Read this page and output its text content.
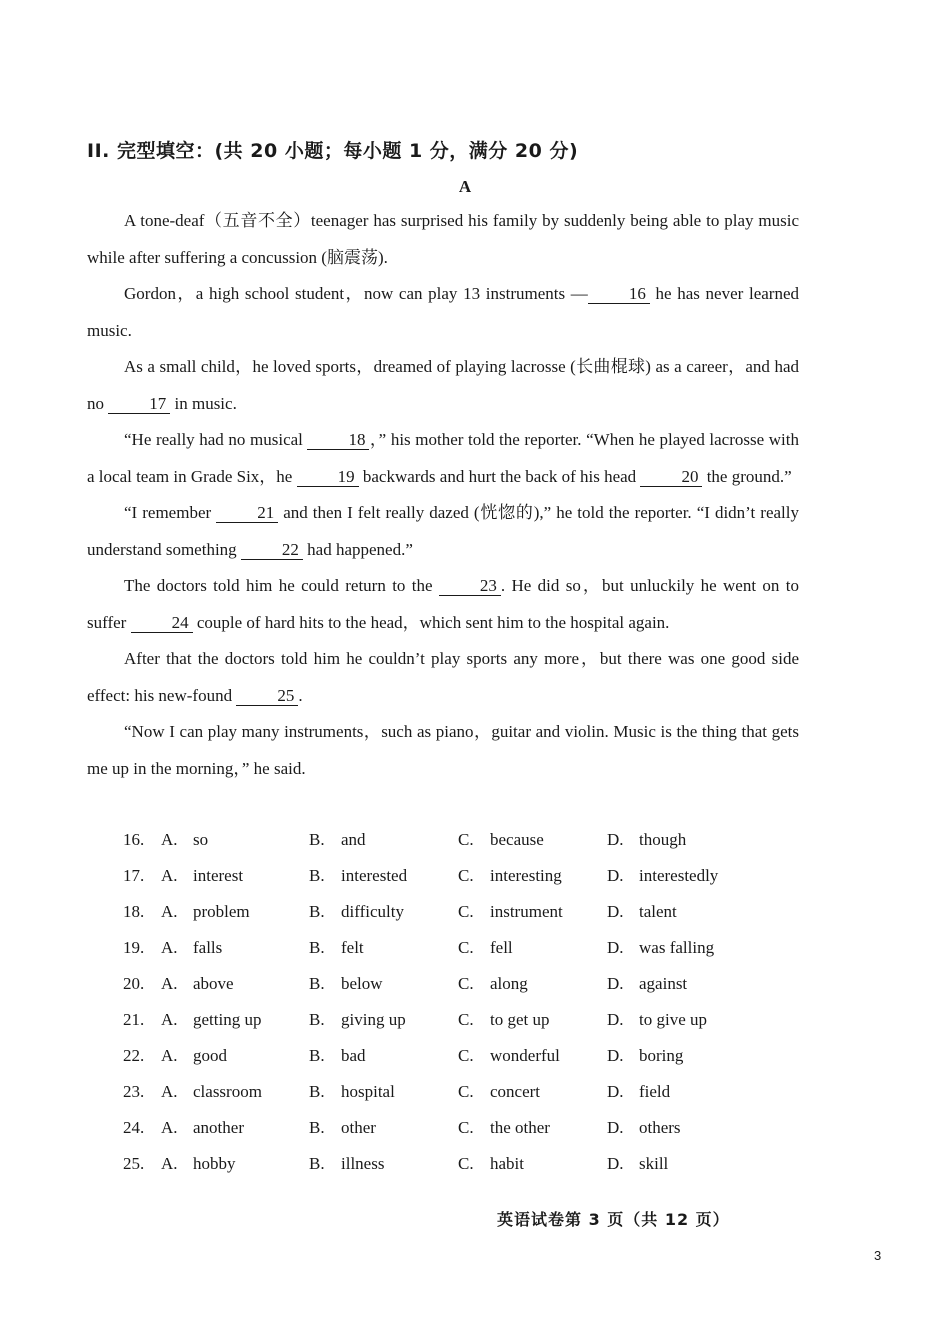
II. 完型填空：(共 20 小题；每小题 1 分，满分 20 分)
A

A tone-deaf（五音不全）teenager has surprised his family by suddenly being able to play music while after suffering a concussion (脑震荡).

Gordon，a high school student，now can play 13 instruments — 16 he has never learned music.

As a small child，he loved sports，dreamed of playing lacrosse (长曲棍球) as a career，and had no 17 in music.

“He really had no musical 18 ，” his mother told the reporter. “When he played lacrosse with a local team in Grade Six，he 19 backwards and hurt the back of his head 20 the ground.”

“I remember 21 and then I felt really dazed (恍惚的),” he told the reporter. “I didn’t really understand something 22 had happened.”

The doctors told him he could return to the 23 . He did so，but unluckily he went on to suffer 24 couple of hard hits to the head，which sent him to the hospital again.

After that the doctors told him he couldn’t play sports any more，but there was one good side effect: his new-found 25 .

“Now I can play many instruments，such as piano，guitar and violin. Music is the thing that gets me up in the morning，” he said.

16. A. so	B. and	C. because	D. though
17. A. interest	B. interested	C. interesting	D. interestedly
18. A. problem	B. difficulty	C. instrument	D. talent
19. A. falls	B. felt	C. fell	D. was falling
20. A. above	B. below	C. along	D. against
21. A. getting up	B. giving up	C. to get up	D. to give up
22. A. good	B. bad	C. wonderful	D. boring
23. A. classroom	B. hospital	C. concert	D. field
24. A. another	B. other	C. the other	D. others
25. A. hobby	B. illness	C. habit	D. skill
英语试卷第 3 页（共 12 页）
3
